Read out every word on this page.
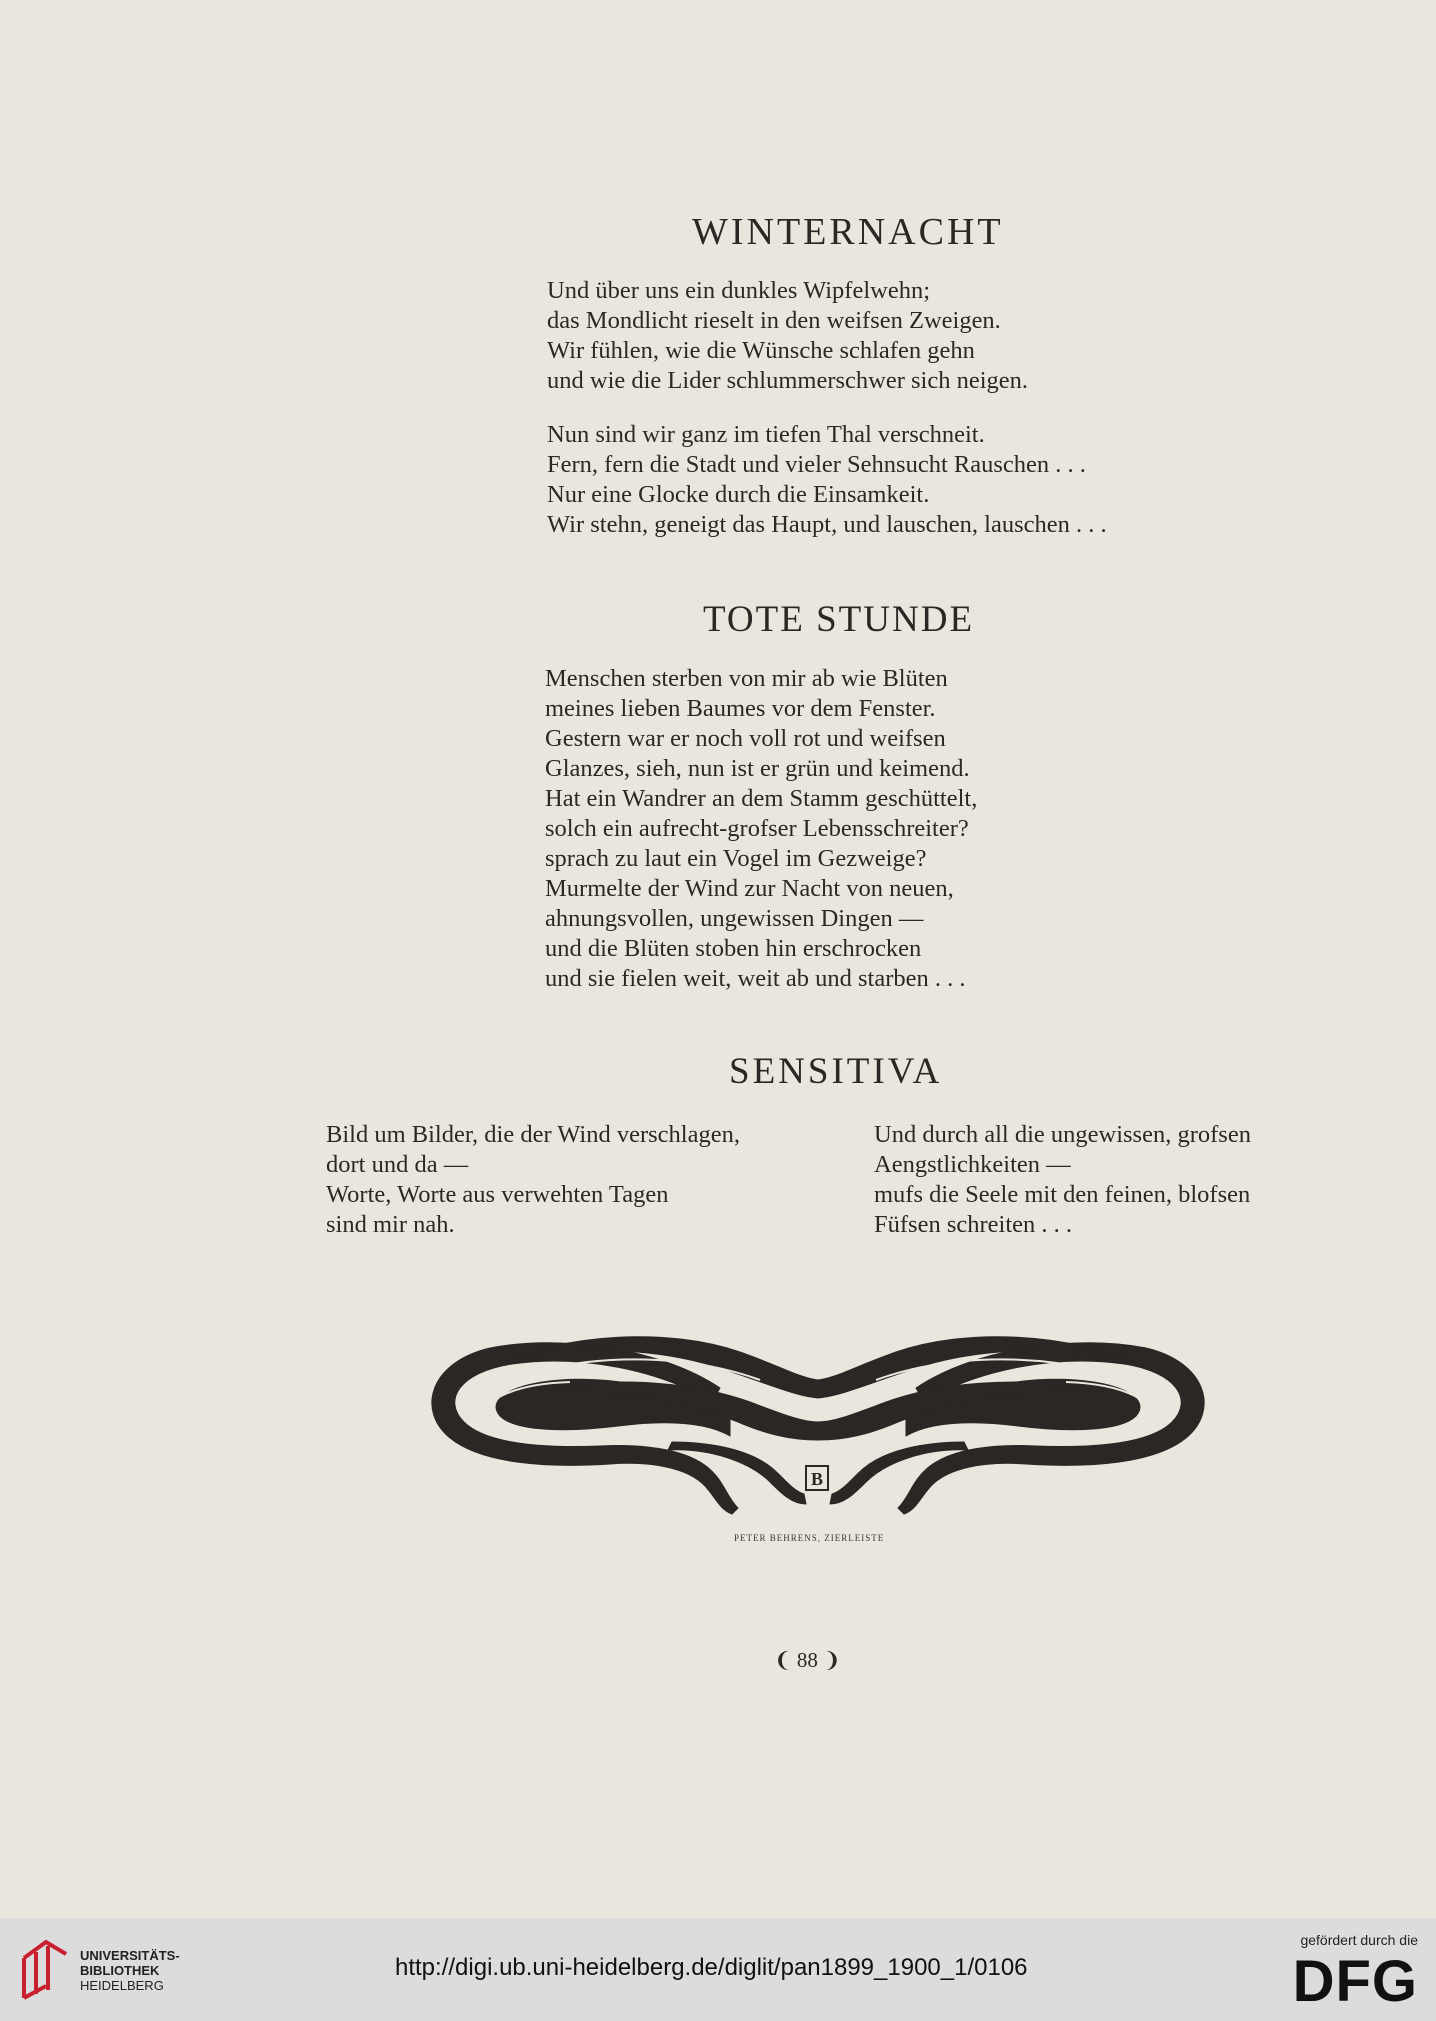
WINTERNACHT
Und über uns ein dunkles Wipfelwehn;
das Mondlicht rieselt in den weifsen Zweigen.
Wir fühlen, wie die Wünsche schlafen gehn
und wie die Lider schlummerschwer sich neigen.
Nun sind wir ganz im tiefen Thal verschneit.
Fern, fern die Stadt und vieler Sehnsucht Rauschen . . .
Nur eine Glocke durch die Einsamkeit.
Wir stehn, geneigt das Haupt, und lauschen, lauschen . . .
TOTE STUNDE
Menschen sterben von mir ab wie Blüten
meines lieben Baumes vor dem Fenster.
Gestern war er noch voll rot und weifsen
Glanzes, sieh, nun ist er grün und keimend.
Hat ein Wandrer an dem Stamm geschüttelt,
solch ein aufrecht-grofser Lebensschreiter?
sprach zu laut ein Vogel im Gezweige?
Murmelte der Wind zur Nacht von neuen,
ahnungsvollen, ungewissen Dingen —
und die Blüten stoben hin erschrocken
und sie fielen weit, weit ab und starben . . .
SENSITIVA
Bild um Bilder, die der Wind verschlagen,
dort und da —
Worte, Worte aus verwehten Tagen
sind mir nah.
Und durch all die ungewissen, grofsen
Aengstlichkeiten —
mufs die Seele mit den feinen, blofsen
Füfsen schreiten . . .
B
PETER BEHRENS, ZIERLEISTE
❨ 88 ❩
UNIVERSITÄTS-
BIBLIOTHEK
HEIDELBERG
http://digi.ub.uni-heidelberg.de/diglit/pan1899_1900_1/0106
gefördert durch die
DFG
